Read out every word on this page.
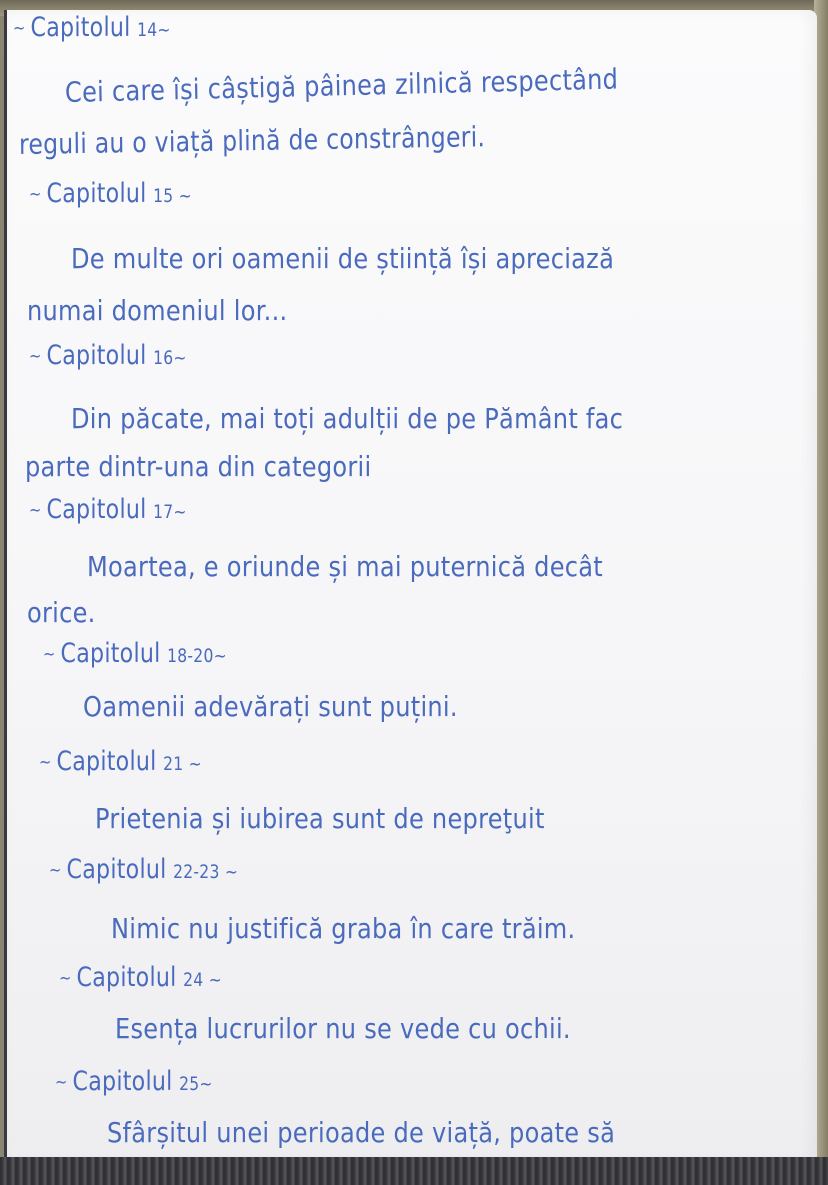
~ Capitolul 14~
Cei care își câștigă pâinea zilnică respectând
reguli au o viață plină de constrângeri.
~ Capitolul 15 ~
De multe ori oamenii de știință își apreciază
numai domeniul lor...
~ Capitolul 16~
Din păcate, mai toți adulții de pe Pământ fac
parte dintr-una din categorii
~ Capitolul 17~
Moartea, e oriunde și mai puternică decât
orice.
~ Capitolul 18-20~
Oamenii adevărați sunt puțini.
~ Capitolul 21 ~
Prietenia și iubirea sunt de nepreţuit
~ Capitolul 22-23 ~
Nimic nu justifică graba în care trăim.
~ Capitolul 24 ~
Esența lucrurilor nu se vede cu ochii.
~ Capitolul 25~
Sfârșitul unei perioade de viață, poate să
